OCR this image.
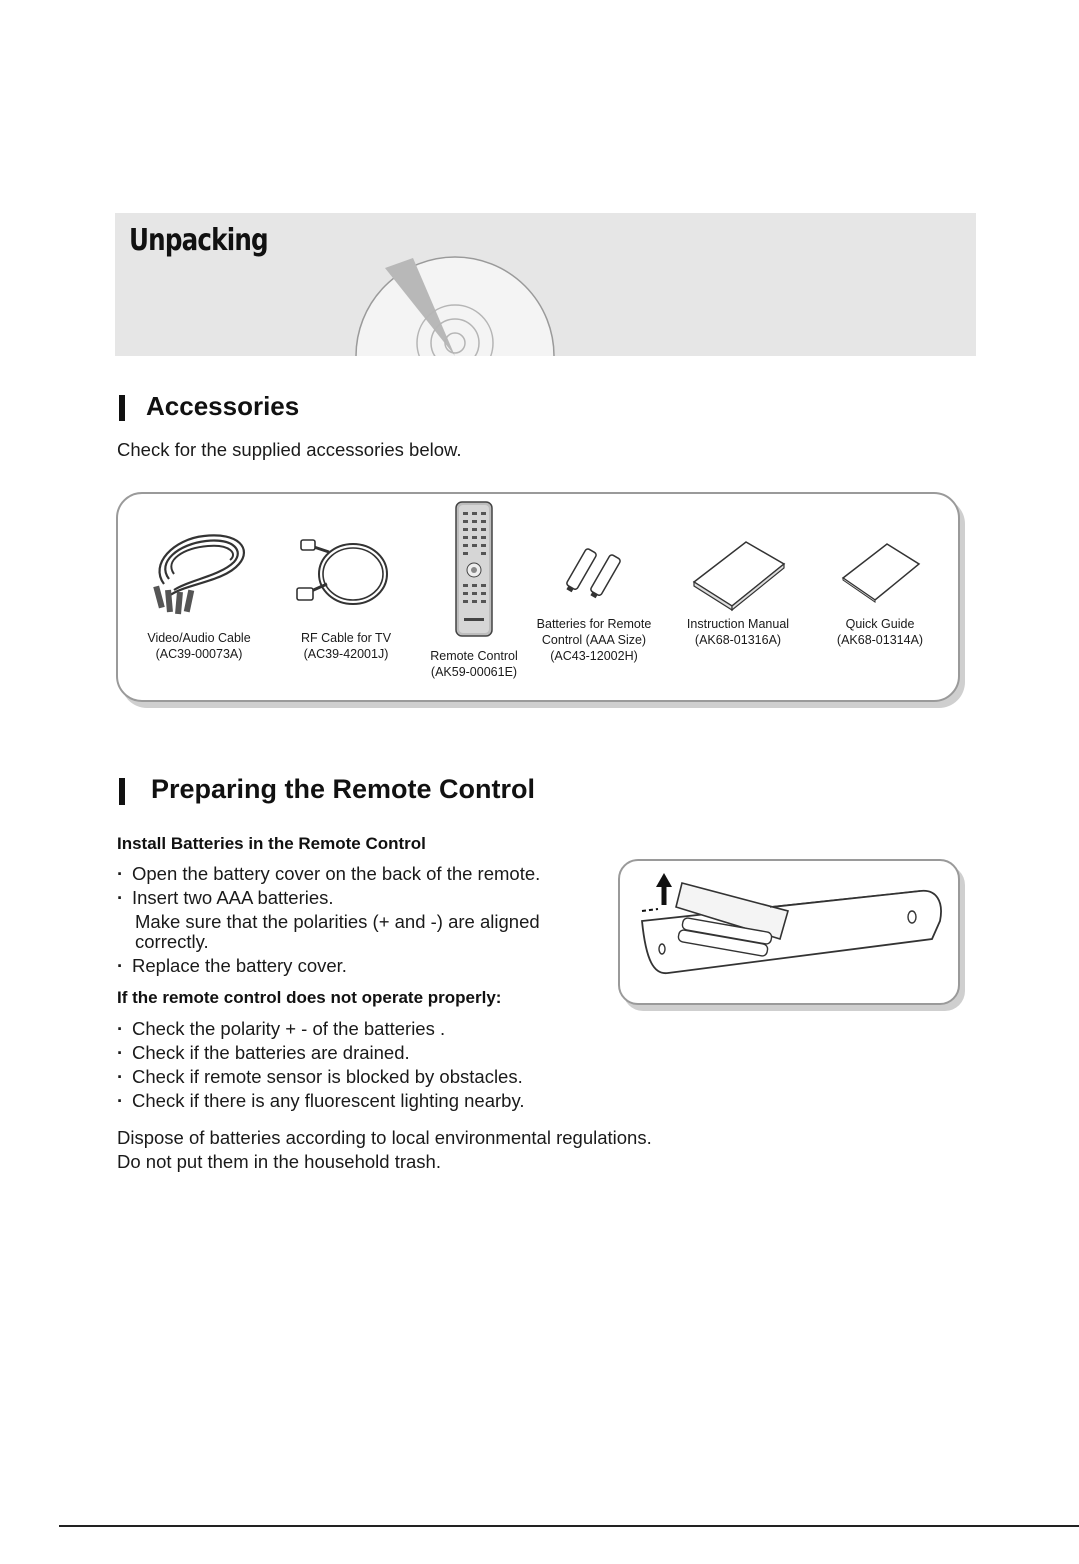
Unpacking
Accessories
Check for the supplied accessories below.
Video/Audio Cable
(AC39-00073A)
RF Cable for TV
(AC39-42001J)	Remote Control
(AK59-00061E)
Batteries for Remote
Control (AAA Size)
(AC43-12002H)
Instruction Manual
(AK68-01316A)
Quick Guide
(AK68-01314A)
Preparing the Remote Control
Install Batteries in the Remote Control
· Open the battery cover on the back of the remote.
· Insert two AAA batteries.
Make sure that the polarities (+ and -) are aligned
correctly.
· Replace the battery cover.
If the remote control does not operate properly:
· Check the polarity + - of the batteries .
· Check if the batteries are drained.
· Check if remote sensor is blocked by obstacles.
· Check if there is any fluorescent lighting nearby.
Dispose of batteries according to local environmental regulations.
Do not put them in the household trash.
